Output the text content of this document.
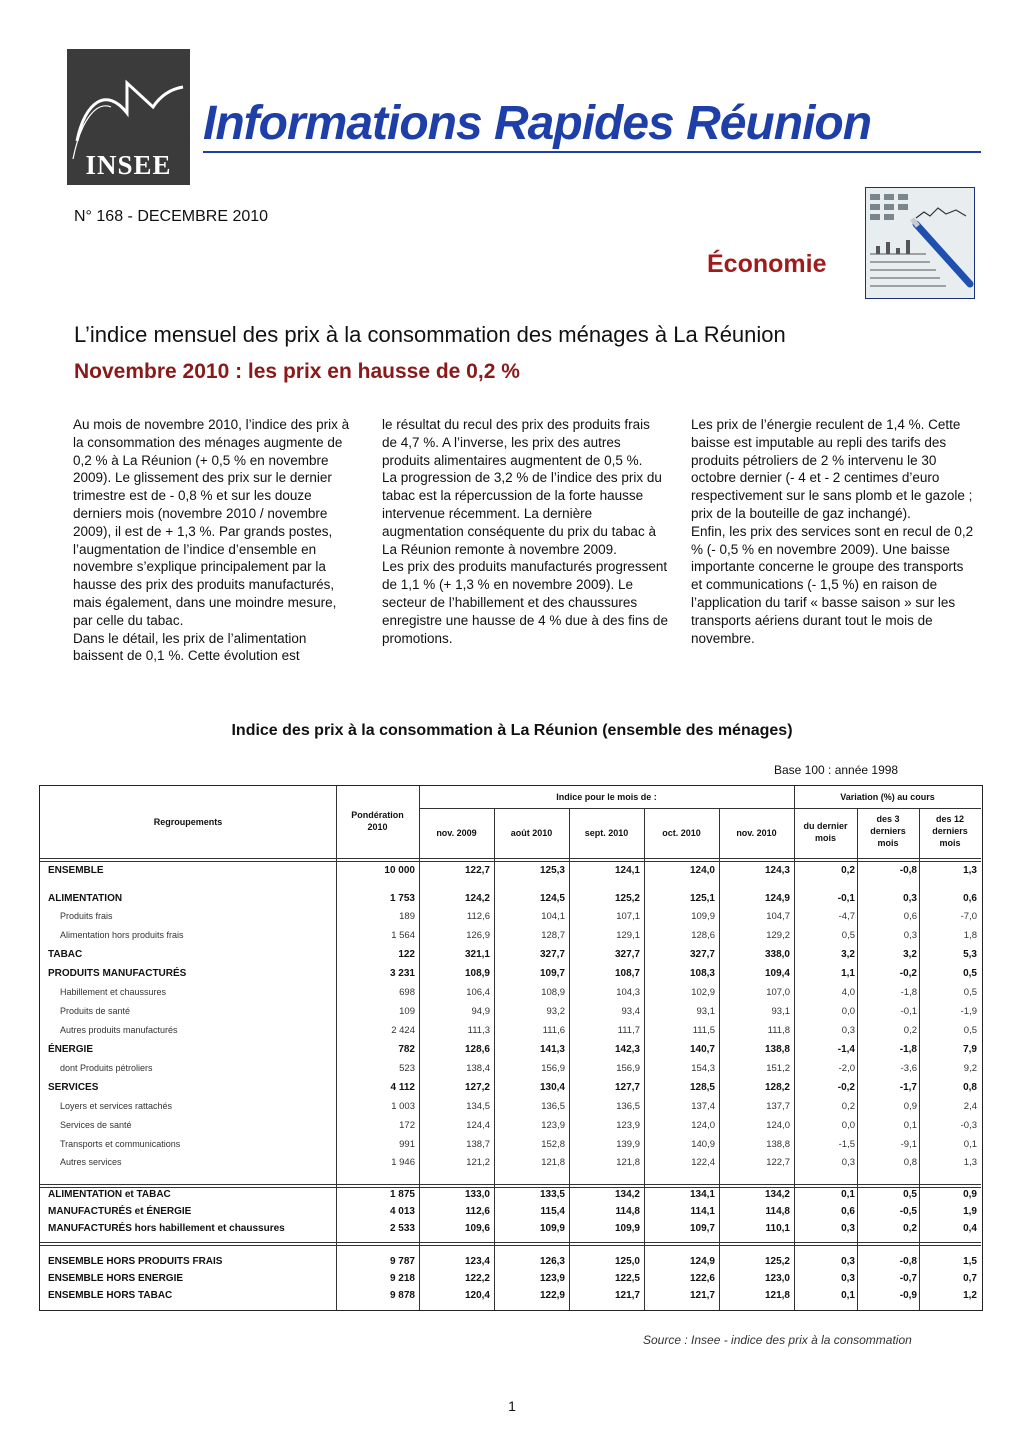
INSEE
Informations Rapides Réunion
N° 168 - DECEMBRE 2010
Économie
L’indice mensuel des prix à la consommation des ménages à La Réunion
Novembre 2010 : les prix en hausse de 0,2 %

Au mois de novembre 2010, l’indice des prix à la consommation des ménages augmente de 0,2 % à La Réunion (+ 0,5 % en novembre 2009). Le glissement des prix sur le dernier trimestre est de - 0,8 % et sur les douze derniers mois (novembre 2010 / novembre 2009), il est de + 1,3 %. Par grands postes, l’augmentation de l’indice d’ensemble en novembre s’explique principalement par la hausse des prix des produits manufacturés, mais également, dans une moindre mesure, par celle du tabac.

Dans le détail, les prix de l’alimentation baissent de 0,1 %. Cette évolution est

le résultat du recul des prix des produits frais de 4,7 %. A l’inverse, les prix des autres produits alimentaires augmentent de 0,5 %.

La progression de 3,2 % de l’indice des prix du tabac est la répercussion de la forte hausse intervenue récemment. La dernière augmentation conséquente du prix du tabac à La Réunion remonte à novembre 2009.

Les prix des produits manufacturés progressent de 1,1 % (+ 1,3 % en novembre 2009). Le secteur de l’habillement et des chaussures enregistre une hausse de 4 % due à des fins de promotions.

Les prix de l’énergie reculent de 1,4 %. Cette baisse est imputable au repli des tarifs des produits pétroliers de 2 % intervenu le 30 octobre dernier (- 4 et - 2 centimes d’euro respectivement sur le sans plomb et le gazole ; prix de la bouteille de gaz inchangé).

Enfin, les prix des services sont en recul de 0,2 % (- 0,5 % en novembre 2009). Une baisse importante concerne le groupe des transports et communications (- 1,5 %) en raison de l’application du tarif « basse saison » sur les transports aériens durant tout le mois de novembre.

Indice des prix à la consommation à La Réunion (ensemble des ménages)
Base 100 : année 1998
Regroupements
Pondération
2010
Indice pour le mois de :	Variation (%) au cours
nov. 2009	août 2010	sept. 2010	oct. 2010	nov. 2010
du dernier
mois
des 3
derniers
mois
des 12
derniers
mois
ENSEMBLE	10 000	122,7	125,3	124,1	124,0	124,3	0,2	-0,8	1,3
ALIMENTATION	1 753	124,2	124,5	125,2	125,1	124,9	-0,1	0,3	0,6
Produits frais	189	112,6	104,1	107,1	109,9	104,7	-4,7	0,6	-7,0
Alimentation hors produits frais	1 564	126,9	128,7	129,1	128,6	129,2	0,5	0,3	1,8
TABAC	122	321,1	327,7	327,7	327,7	338,0	3,2	3,2	5,3
PRODUITS MANUFACTURÉS	3 231	108,9	109,7	108,7	108,3	109,4	1,1	-0,2	0,5
Habillement et chaussures	698	106,4	108,9	104,3	102,9	107,0	4,0	-1,8	0,5
Produits de santé	109	94,9	93,2	93,4	93,1	93,1	0,0	-0,1	-1,9
Autres produits manufacturés	2 424	111,3	111,6	111,7	111,5	111,8	0,3	0,2	0,5
ÉNERGIE	782	128,6	141,3	142,3	140,7	138,8	-1,4	-1,8	7,9
dont Produits pétroliers	523	138,4	156,9	156,9	154,3	151,2	-2,0	-3,6	9,2
SERVICES	4 112	127,2	130,4	127,7	128,5	128,2	-0,2	-1,7	0,8
Loyers et services rattachés	1 003	134,5	136,5	136,5	137,4	137,7	0,2	0,9	2,4
Services de santé	172	124,4	123,9	123,9	124,0	124,0	0,0	0,1	-0,3
Transports et communications	991	138,7	152,8	139,9	140,9	138,8	-1,5	-9,1	0,1
Autres services	1 946	121,2	121,8	121,8	122,4	122,7	0,3	0,8	1,3
ALIMENTATION et TABAC	1 875	133,0	133,5	134,2	134,1	134,2	0,1	0,5	0,9
MANUFACTURÉS et ÉNERGIE	4 013	112,6	115,4	114,8	114,1	114,8	0,6	-0,5	1,9
MANUFACTURÉS hors habillement et chaussures	2 533	109,6	109,9	109,9	109,7	110,1	0,3	0,2	0,4
ENSEMBLE HORS PRODUITS FRAIS	9 787	123,4	126,3	125,0	124,9	125,2	0,3	-0,8	1,5
ENSEMBLE HORS ENERGIE	9 218	122,2	123,9	122,5	122,6	123,0	0,3	-0,7	0,7
ENSEMBLE HORS TABAC	9 878	120,4	122,9	121,7	121,7	121,8	0,1	-0,9	1,2
Source : Insee - indice des prix à la consommation
1
